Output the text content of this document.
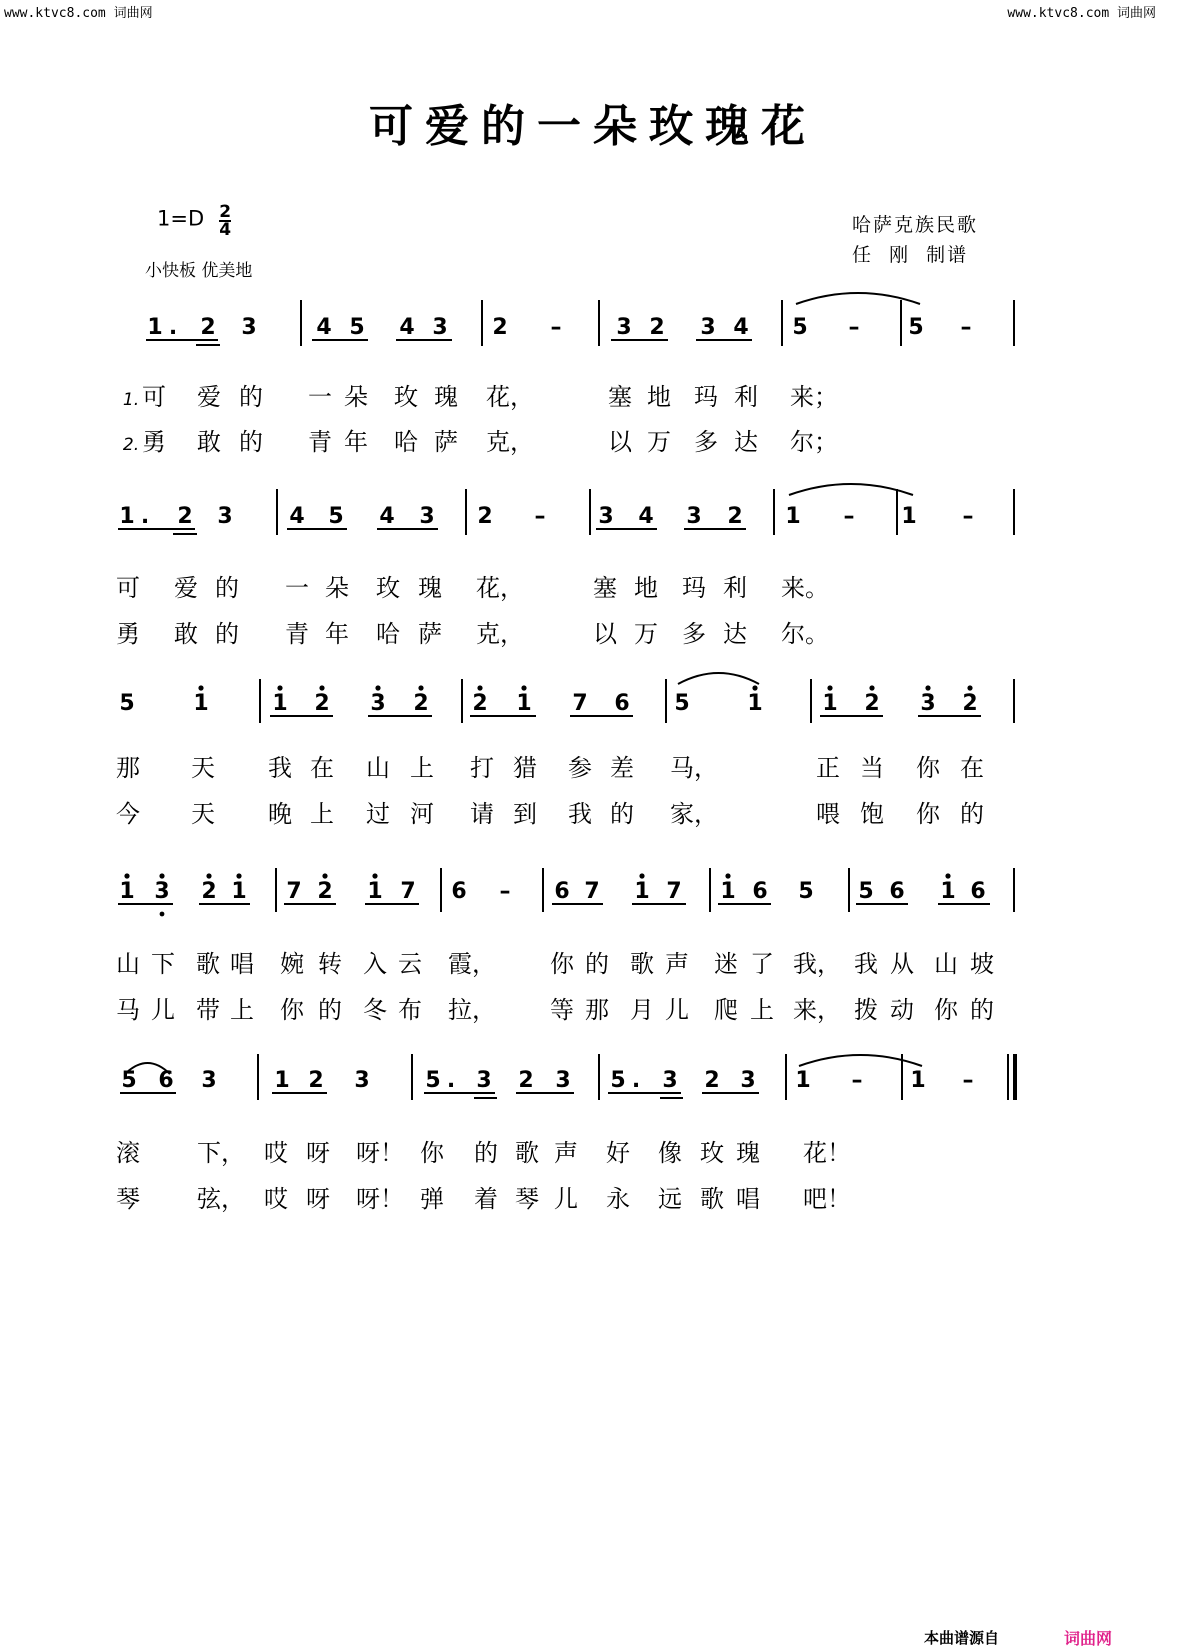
www.ktvc8.com 词曲网	www.ktvc8.com 词曲网
可爱的一朵玫瑰花
$1=D \frac{2}{4}$
小快板 优美地
哈萨克族民歌
任  刚  制谱
1 . 2 3	4 5 4 3 2 – 3 2 3 4 5 – 5 –
1. 可 爱 的 一 朵 玫 瑰 花，	塞 地 玛 利 来；
2. 勇 敢 的 青 年 哈 萨 克，	以 万 多 达 尔；
1 . 2 3	4 5 4 3 2 – 3 4 3 2 1 – 1 –
可 爱 的 一 朵 玫 瑰 花，	塞 地 玛 利 来。
勇 敢 的 青 年 哈 萨 克，	以 万 多 达 尔。
5	1	1 2 3 2 2 1 7 6 5	1	1 2 3 2
那 天 我 在 山 上 打 猎 参 差 马，	正 当 你 在
今 天 晚 上 过 河 请 到 我 的 家，	喂 饱 你 的
1 3 2 1 7 2 1 7 6 – 6 7 1 7 1 6 5 5 6 1 6
山 下 歌 唱 婉 转 入 云 霞， 你 的 歌 声 迷 了 我， 我 从 山 坡
马 儿 带 上 你 的 冬 布 拉， 等 那 月 儿 爬 上 来， 拨 动 你 的
5 6 3	1 2 3	5 . 3 2 3 5 . 3 2 3 1 – 1 –
滚 下， 哎 呀 呀！ 你 的 歌 声 好 像 玫 瑰 花！
琴 弦， 哎 呀 呀！ 弹 着 琴 儿 永 远 歌 唱 吧！
本曲谱源自	词曲网
